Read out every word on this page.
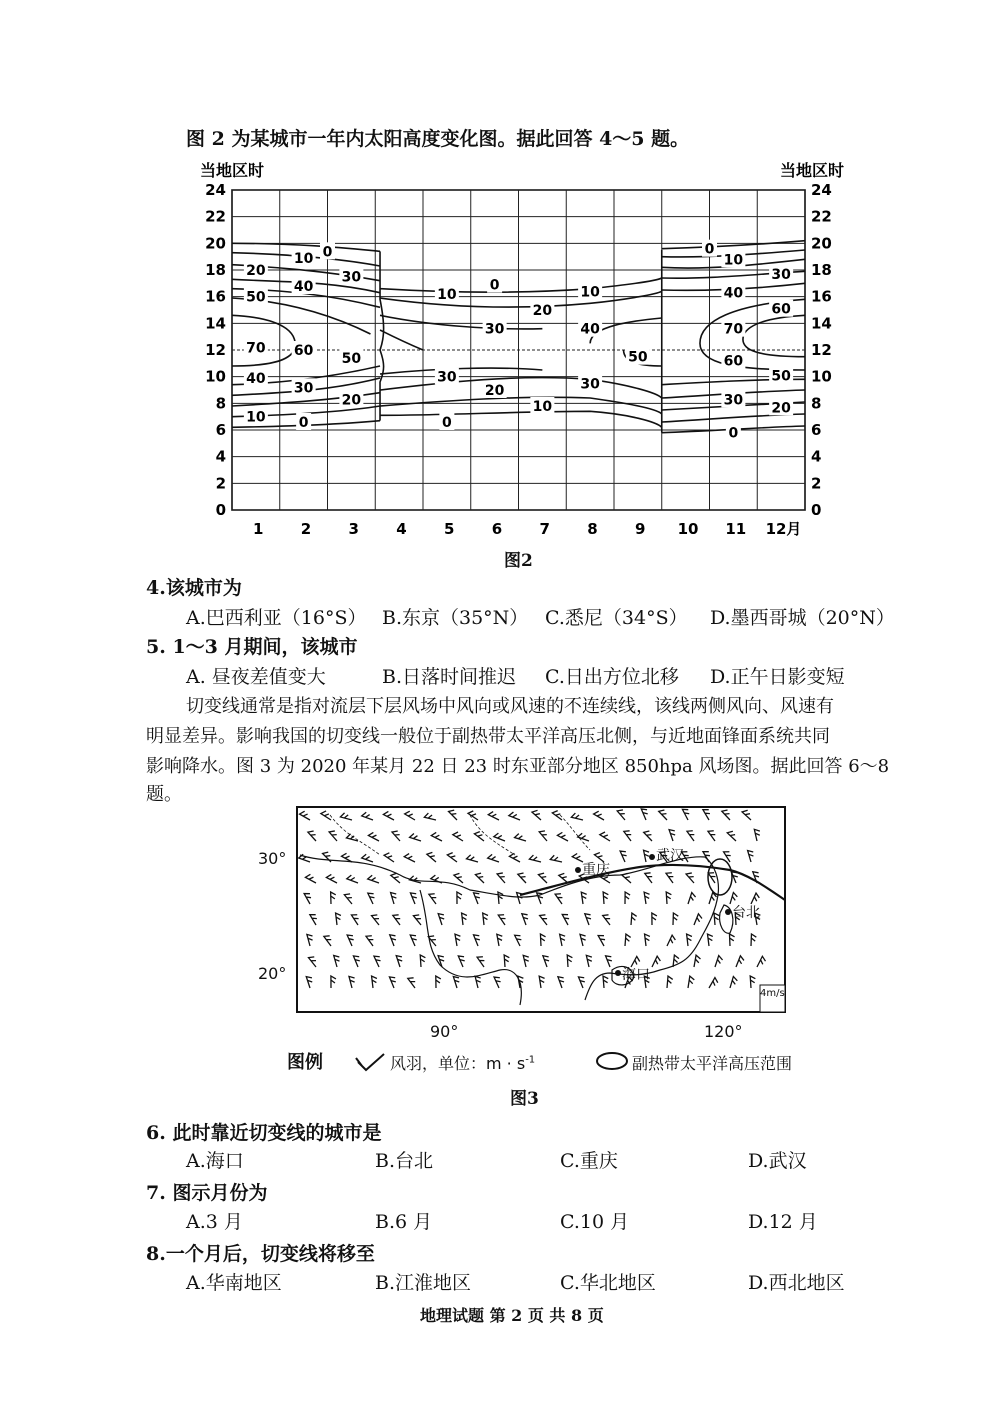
图 2 为某城市一年内太阳高度变化图。据此回答 4～5 题。
24	24
22	22
20	20
18	18
16	16
14	14
12	12
10	10
8	8
6	6
4	4
2	2
0	0
1 2 3 4 5 6 7 8 9 10 11 12月
0
10
20	30
40
50
70 60 50
40
30
20
10 0
10
0
20
30
10
40
50
30
20
10
0
30
0
10
30
40
60
70
60
50
30
20
0
当地区时	当地区时
图2
4.该城市为
A.巴西利亚（16°S） B.东京（35°N） C.悉尼（34°S） D.墨西哥城（20°N）
5. 1～3 月期间，该城市
A. 昼夜差值变大	B.日落时间推迟 C.日出方位北移 D.正午日影变短
切变线通常是指对流层下层风场中风向或风速的不连续线，该线两侧风向、风速有
明显差异。影响我国的切变线一般位于副热带太平洋高压北侧，与近地面锋面系统共同
影响降水。图 3 为 2020 年某月 22 日 23 时东亚部分地区 850hpa 风场图。据此回答 6～8
题。
30°
20°
90°	120°
重庆
武汉
台北
海口
4m/s
图例	风羽，单位：$m \cdot s^{-1}$	副热带太平洋高压范围
图3
6. 此时靠近切变线的城市是
A.海口	B.台北	C.重庆	D.武汉
7. 图示月份为
A.3 月	B.6 月	C.10 月	D.12 月
8.一个月后，切变线将移至
A.华南地区	B.江淮地区	C.华北地区	D.西北地区
地理试题 第 2 页 共 8 页
